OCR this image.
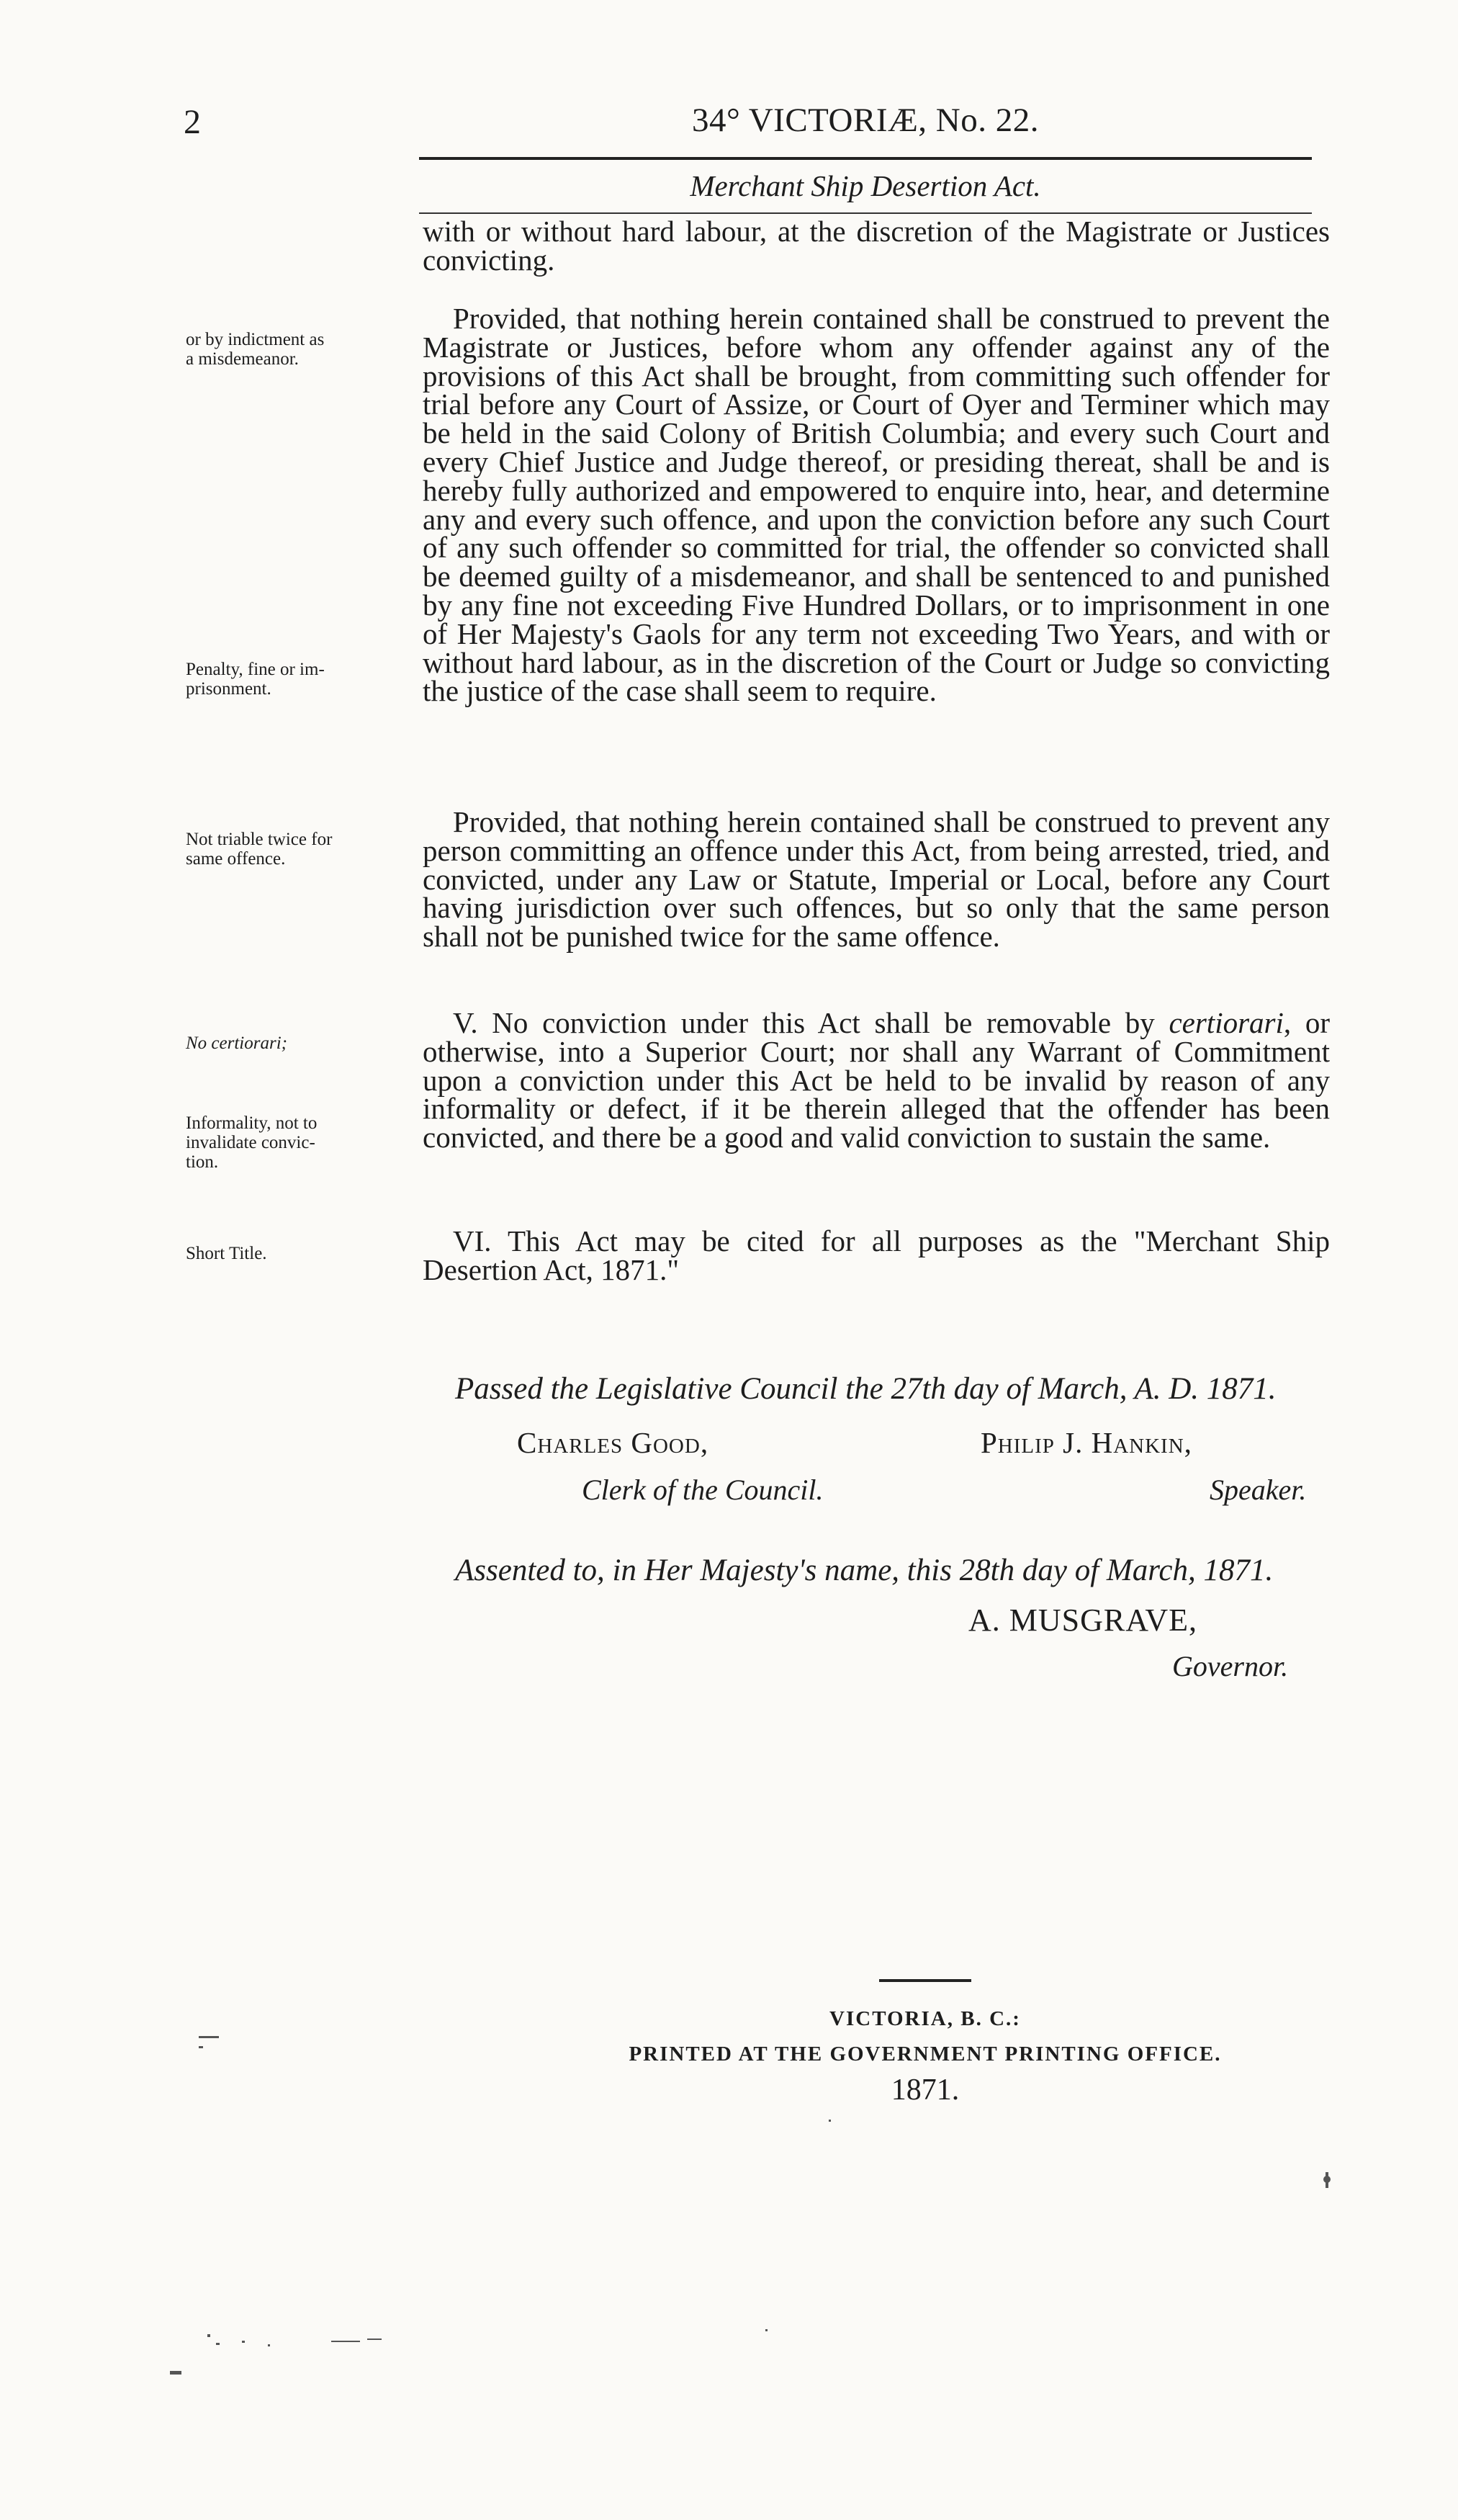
2	34° VICTORIÆ, No. 22.
Merchant Ship Desertion Act.

with or without hard labour, at the discretion of the Magistrate or Justices convicting.

Provided, that nothing herein contained shall be construed to prevent the Magistrate or Justices, before whom any offender against any of the provisions of this Act shall be brought, from committing such offender for trial before any Court of Assize, or Court of Oyer and Terminer which may be held in the said Colony of British Columbia; and every such Court and every Chief Justice and Judge thereof, or presiding thereat, shall be and is hereby fully authorized and empowered to enquire into, hear, and determine any and every such offence, and upon the conviction before any such Court of any such offender so committed for trial, the offender so convicted shall be deemed guilty of a misdemeanor, and shall be sentenced to and punished by any fine not exceeding Five Hundred Dollars, or to imprisonment in one of Her Majesty's Gaols for any term not exceeding Two Years, and with or without hard labour, as in the discretion of the Court or Judge so convicting the justice of the case shall seem to require.

Provided, that nothing herein contained shall be construed to prevent any person committing an offence under this Act, from being arrested, tried, and convicted, under any Law or Statute, Imperial or Local, before any Court having jurisdiction over such offences, but so only that the same person shall not be punished twice for the same offence.

V. No conviction under this Act shall be removable by certiorari, or otherwise, into a Superior Court; nor shall any Warrant of Commitment upon a conviction under this Act be held to be invalid by reason of any informality or defect, if it be therein alleged that the offender has been convicted, and there be a good and valid conviction to sustain the same.

VI. This Act may be cited for all purposes as the "Merchant Ship Desertion Act, 1871."

or by indictment as
a misdemeanor.
Penalty, fine or im-
prisonment.
Not triable twice for
same offence.
No certiorari;
Informality, not to
invalidate convic-
tion.
Short Title.
Passed the Legislative Council the 27th day of March, A. D. 1871.
Charles Good,	Philip J. Hankin,
Clerk of the Council.	Speaker.
Assented to, in Her Majesty's name, this 28th day of March, 1871.
A. MUSGRAVE,
Governor.
VICTORIA, B. C.:
PRINTED AT THE GOVERNMENT PRINTING OFFICE.
1871.
